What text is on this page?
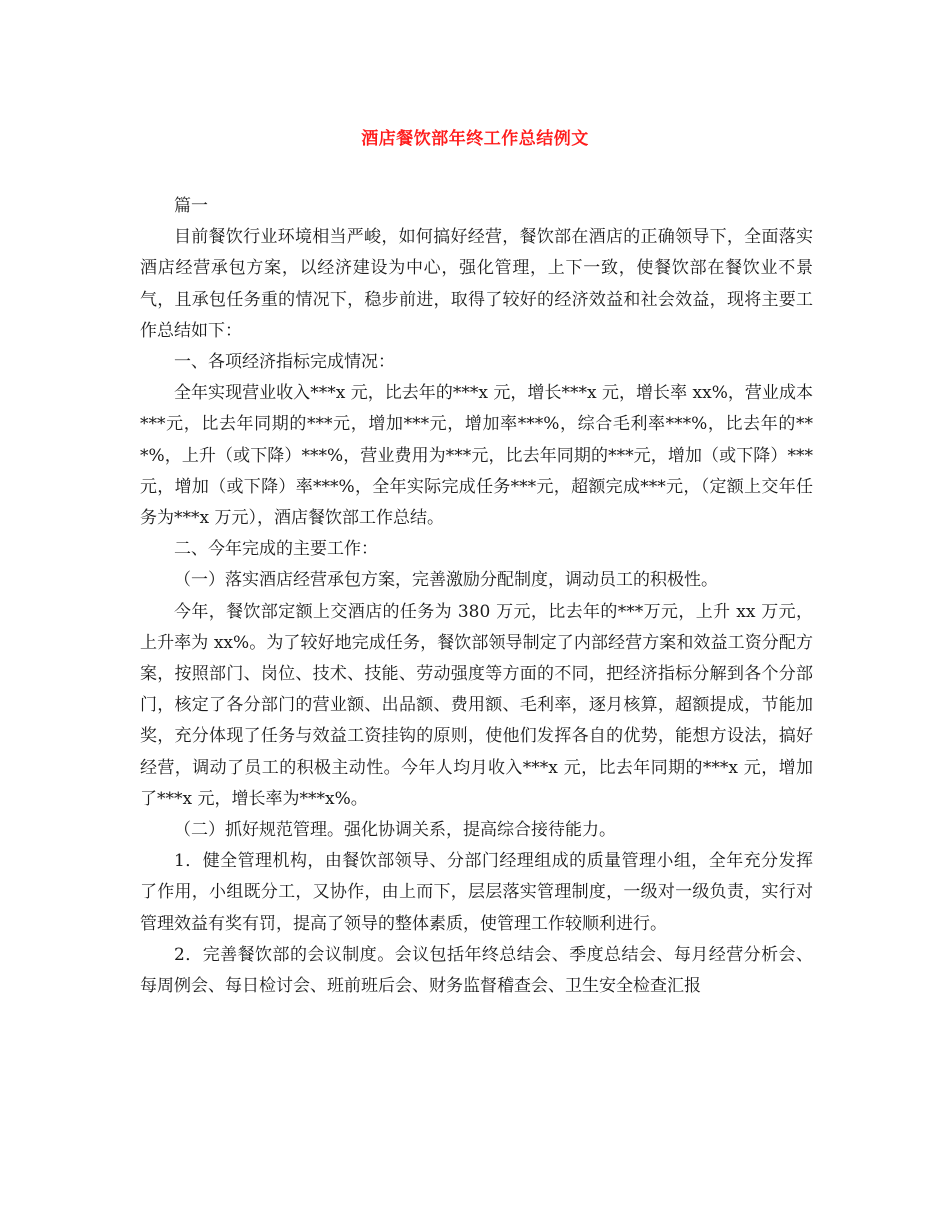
酒店餐饮部年终工作总结例文

篇一

目前餐饮行业环境相当严峻，如何搞好经营，餐饮部在酒店的正确领导下，全面落实酒店经营承包方案，以经济建设为中心，强化管理，上下一致，使餐饮部在餐饮业不景气，且承包任务重的情况下，稳步前进，取得了较好的经济效益和社会效益，现将主要工作总结如下：

一、各项经济指标完成情况：

全年实现营业收入***x 元，比去年的***x 元，增长***x 元，增长率 xx%，营业成本***元，比去年同期的***元，增加***元，增加率***%，综合毛利率***%，比去年的***%，上升（或下降）***%，营业费用为***元，比去年同期的***元，增加（或下降）***元，增加（或下降）率***%，全年实际完成任务***元，超额完成***元，（定额上交年任务为***x 万元），酒店餐饮部工作总结。

二、今年完成的主要工作：

（一）落实酒店经营承包方案，完善激励分配制度，调动员工的积极性。

今年，餐饮部定额上交酒店的任务为 380 万元，比去年的***万元，上升 xx 万元，上升率为 xx%。为了较好地完成任务，餐饮部领导制定了内部经营方案和效益工资分配方案，按照部门、岗位、技术、技能、劳动强度等方面的不同，把经济指标分解到各个分部门，核定了各分部门的营业额、出品额、费用额、毛利率，逐月核算，超额提成，节能加奖，充分体现了任务与效益工资挂钩的原则，使他们发挥各自的优势，能想方设法，搞好经营，调动了员工的积极主动性。今年人均月收入***x 元，比去年同期的***x 元，增加了***x 元，增长率为***x%。

（二）抓好规范管理。强化协调关系，提高综合接待能力。

1．健全管理机构，由餐饮部领导、分部门经理组成的质量管理小组，全年充分发挥了作用，小组既分工，又协作，由上而下，层层落实管理制度，一级对一级负责，实行对管理效益有奖有罚，提高了领导的整体素质，使管理工作较顺利进行。

2．完善餐饮部的会议制度。会议包括年终总结会、季度总结会、每月经营分析会、每周例会、每日检讨会、班前班后会、财务监督稽查会、卫生安全检查汇报
